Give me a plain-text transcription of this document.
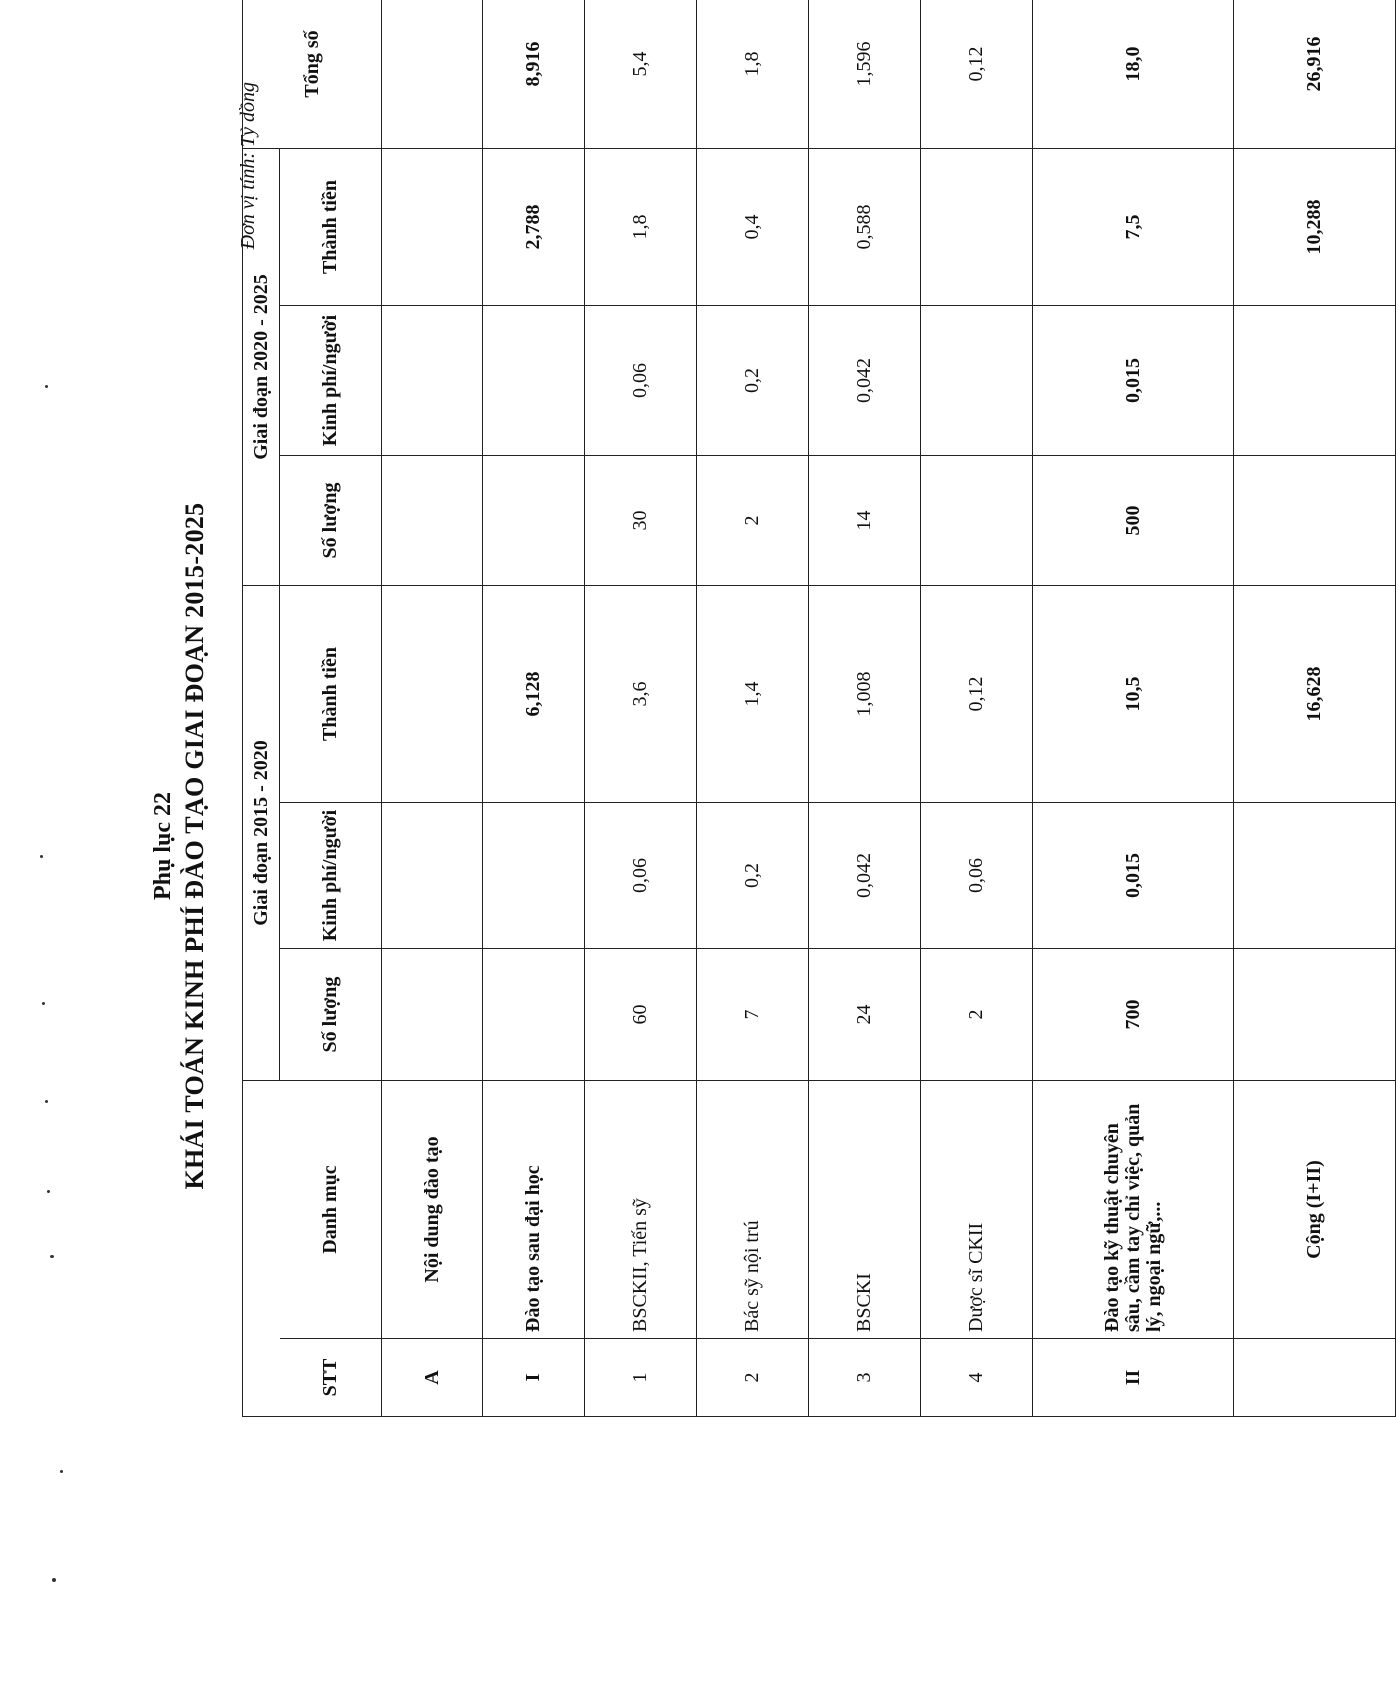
Phụ lục 22 KHÁI TOÁN KINH PHÍ ĐÀO TẠO GIAI ĐOẠN 2015-2025
Đơn vị tính: Tỷ đồng
		Giai đoạn 2015 - 2020			Giai đoạn 2020 - 2025			Tổng số
STT	Danh mục	Số lượng	Kinh phí/người	Thành tiền	Số lượng	Kinh phí/người	Thành tiền	
A	Nội dung đào tạo							
I	Đào tạo sau đại học			6,128			2,788	8,916
1	BSCKII, Tiến sỹ	60	0,06	3,6	30	0,06	1,8	5,4
2	Bác sỹ nội trú	7	0,2	1,4	2	0,2	0,4	1,8
3	BSCKI	24	0,042	1,008	14	0,042	0,588	1,596
4	Dược sĩ CKII	2	0,06	0,12				0,12
II	Đào tạo kỹ thuật chuyên sâu, cầm tay chỉ việc, quản lý, ngoại ngữ,...	700	0,015	10,5	500	0,015	7,5	18,0
	Cộng (I+II)			16,628			10,288	26,916
